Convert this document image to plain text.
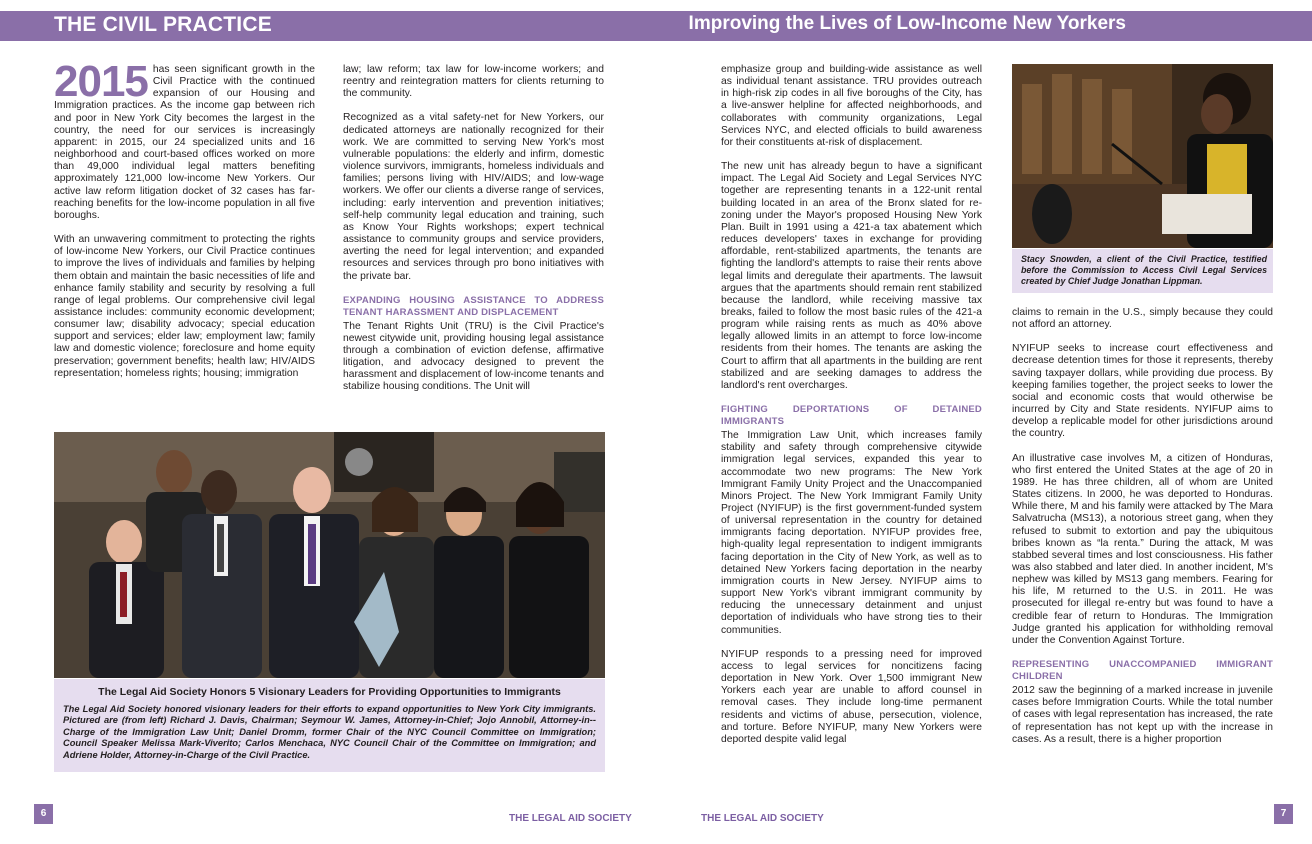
THE CIVIL PRACTICE	Improving the Lives of Low-Income New Yorkers

2015 has seen significant growth in the Civil Practice with the continued expansion of our Housing and Immigration practices. As the income gap between rich and poor in New York City becomes the largest in the country, the need for our services is increasingly apparent: in 2015, our 24 specialized units and 16 neighborhood and court-based offices worked on more than 49,000 individual legal matters benefiting approximately 121,000 low-income New Yorkers. Our active law reform litigation docket of 32 cases has far-reaching benefits for the low-income population in all five boroughs.

With an unwavering commitment to protecting the rights of low-income New Yorkers, our Civil Practice continues to improve the lives of individuals and families by helping them obtain and maintain the basic necessities of life and enhance family stability and security by resolving a full range of legal problems. Our comprehensive civil legal assistance includes: community economic development; consumer law; disability advocacy; special education support and services; elder law; employment law; family law and domestic violence; foreclosure and home equity preservation; government benefits; health law; HIV/AIDS representation; homeless rights; housing; immigration

law; law reform; tax law for low-income workers; and reentry and reintegration matters for clients returning to the community.

Recognized as a vital safety-net for New Yorkers, our dedicated attorneys are nationally recognized for their work. We are committed to serving New York's most vulnerable populations: the elderly and infirm, domestic violence survivors, immigrants, homeless individuals and families; persons living with HIV/AIDS; and low-wage workers. We offer our clients a diverse range of services, including: early intervention and prevention initiatives; self-help community legal education and training, such as Know Your Rights workshops; expert technical assistance to community groups and service providers, averting the need for legal intervention; and expanded resources and services through pro bono initiatives with the private bar.

EXPANDING HOUSING ASSISTANCE TO ADDRESS TENANT HARASSMENT AND DISPLACEMENT

The Tenant Rights Unit (TRU) is the Civil Practice's newest citywide unit, providing housing legal assistance through a combination of eviction defense, affirmative litigation, and advocacy designed to prevent the harassment and displacement of low-income tenants and stabilize housing conditions. The Unit will

The Legal Aid Society Honors 5 Visionary Leaders for Providing Opportunities to Immigrants
The Legal Aid Society honored visionary leaders for their efforts to expand opportunities to New York City immigrants. Pictured are (from left) Richard J. Davis, Chairman; Seymour W. James, Attorney-in-Chief; Jojo Annobil, Attorney-in--Charge of the Immigration Law Unit; Daniel Dromm, former Chair of the NYC Council Committee on Immigration; Council Speaker Melissa Mark-Viverito; Carlos Menchaca, NYC Council Chair of the Committee on Immigration; and Adriene Holder, Attorney-in-Charge of the Civil Practice.

emphasize group and building-wide assistance as well as individual tenant assistance. TRU provides outreach in high-risk zip codes in all five boroughs of the City, has a live-answer helpline for affected neighborhoods, and collaborates with community organizations, Legal Services NYC, and elected officials to build awareness for their constituents at-risk of displacement.

The new unit has already begun to have a significant impact. The Legal Aid Society and Legal Services NYC together are representing tenants in a 122-unit rental building located in an area of the Bronx slated for re-zoning under the Mayor's proposed Housing New York Plan. Built in 1991 using a 421-a tax abatement which reduces developers' taxes in exchange for providing affordable, rent-stabilized apartments, the tenants are fighting the landlord's attempts to raise their rents above legal limits and deregulate their apartments. The lawsuit argues that the apartments should remain rent stabilized because the landlord, while receiving massive tax breaks, failed to follow the most basic rules of the 421-a program while raising rents as much as 40% above legally allowed limits in an attempt to force low-income residents from their homes. The tenants are asking the Court to affirm that all apartments in the building are rent stabilized and are seeking damages to address the landlord's rent overcharges.

FIGHTING DEPORTATIONS OF DETAINED IMMIGRANTS

The Immigration Law Unit, which increases family stability and safety through comprehensive citywide immigration legal services, expanded this year to accommodate two new programs: The New York Immigrant Family Unity Project and the Unaccompanied Minors Project. The New York Immigrant Family Unity Project (NYIFUP) is the first government-funded system of universal representation in the country for detained immigrants facing deportation. NYIFUP provides free, high-quality legal representation to indigent immigrants facing deportation in the City of New York, as well as to detained New Yorkers facing deportation in the nearby immigration courts in New Jersey. NYIFUP aims to support New York's vibrant immigrant community by reducing the unnecessary detainment and unjust deportation of individuals who have strong ties to their communities.

NYIFUP responds to a pressing need for improved access to legal services for noncitizens facing deportation in New York. Over 1,500 immigrant New Yorkers each year are unable to afford counsel in removal cases. They include long-time permanent residents and victims of abuse, persecution, violence, and torture. Before NYIFUP, many New Yorkers were deported despite valid legal

Stacy Snowden, a client of the Civil Practice, testified before the Commission to Access Civil Legal Services created by Chief Judge Jonathan Lippman.

claims to remain in the U.S., simply because they could not afford an attorney.

NYIFUP seeks to increase court effectiveness and decrease detention times for those it represents, thereby saving taxpayer dollars, while providing due process. By keeping families together, the project seeks to lower the social and economic costs that would otherwise be incurred by City and State residents. NYIFUP aims to develop a replicable model for other jurisdictions around the country.

An illustrative case involves M, a citizen of Honduras, who first entered the United States at the age of 20 in 1989. He has three children, all of whom are United States citizens. In 2000, he was deported to Honduras. While there, M and his family were attacked by The Mara Salvatrucha (MS13), a notorious street gang, when they refused to submit to extortion and pay the ubiquitous bribes known as “la renta.” During the attack, M was stabbed several times and lost consciousness. His father was also stabbed and later died. In another incident, M's nephew was killed by MS13 gang members. Fearing for his life, M returned to the U.S. in 2011. He was prosecuted for illegal re-entry but was found to have a credible fear of return to Honduras. The Immigration Judge granted his application for withholding removal under the Convention Against Torture.

REPRESENTING UNACCOMPANIED IMMIGRANT CHILDREN

2012 saw the beginning of a marked increase in juvenile cases before Immigration Courts. While the total number of cases with legal representation has increased, the rate of representation has not kept up with the increase in cases. As a result, there is a higher proportion

6	7
THE LEGAL AID SOCIETY	THE LEGAL AID SOCIETY
